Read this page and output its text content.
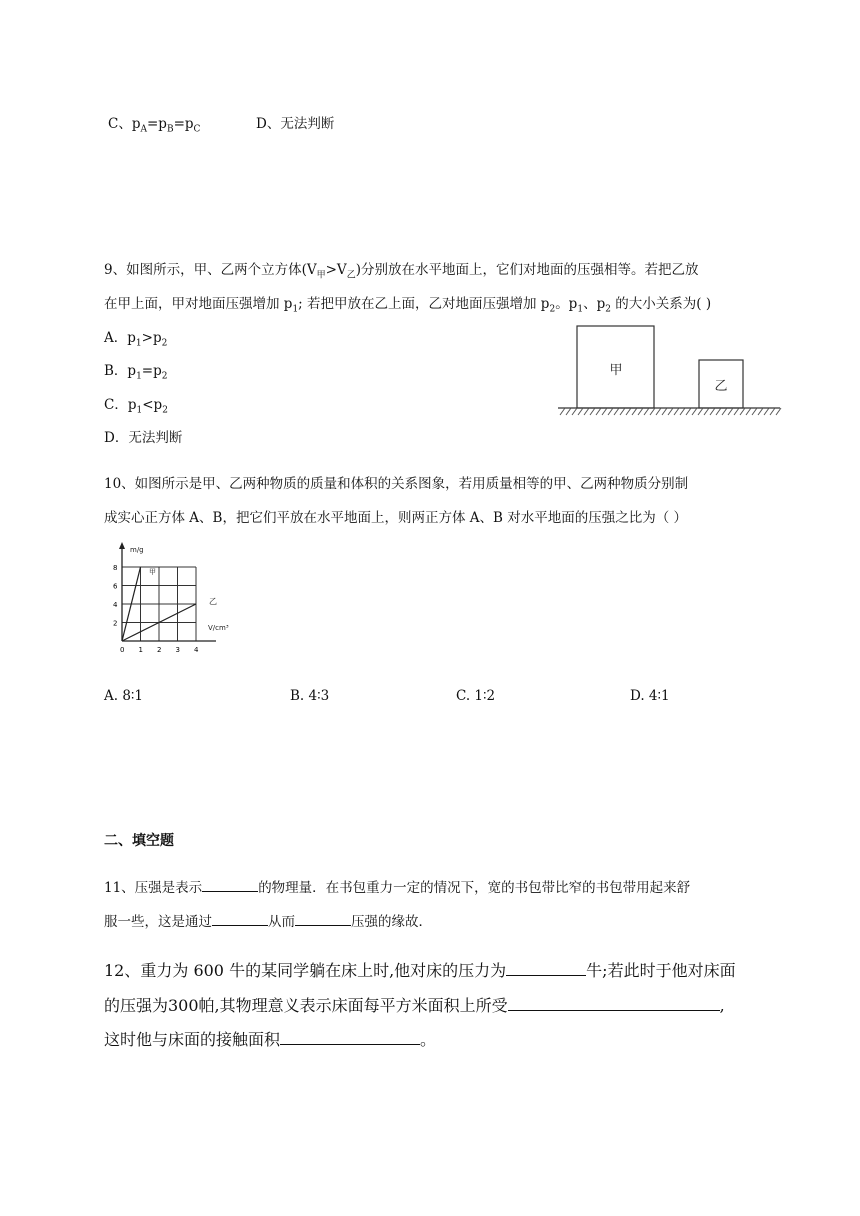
C、$p_A=p_B=p_C$	D、无法判断
9、如图所示，甲、乙两个立方体$(V_甲>V_乙)$分别放在水平地面上，它们对地面的压强相等。若把乙放
在甲上面，甲对地面压强增加 $p_1$; 若把甲放在乙上面，乙对地面压强增加 $p_2$。$p_1$、$p_2$ 的大小关系为( )
A．$p_1>p_2$
B．$p_1=p_2$
C．$p_1<p_2$
D．无法判断
甲
乙
10、如图所示是甲、乙两种物质的质量和体积的关系图象，若用质量相等的甲、乙两种物质分别制
成实心正方体 A、B，把它们平放在水平地面上，则两正方体 A、B 对水平地面的压强之比为（ ）
m/g
V/cm³
8
6
4
2
0 1 2 3 4
甲
乙
A. 8∶1	B. 4∶3	C. 1∶2	D. 4∶1
二、填空题
11、压强是表示	的物理量．在书包重力一定的情况下，宽的书包带比窄的书包带用起来舒
服一些，这是通过	从而	压强的缘故．
12、重力为 600 牛的某同学躺在床上时,他对床的压力为	牛;若此时于他对床面
的压强为300帕,其物理意义表示床面每平方米面积上所受	,
这时他与床面的接触面积	。
